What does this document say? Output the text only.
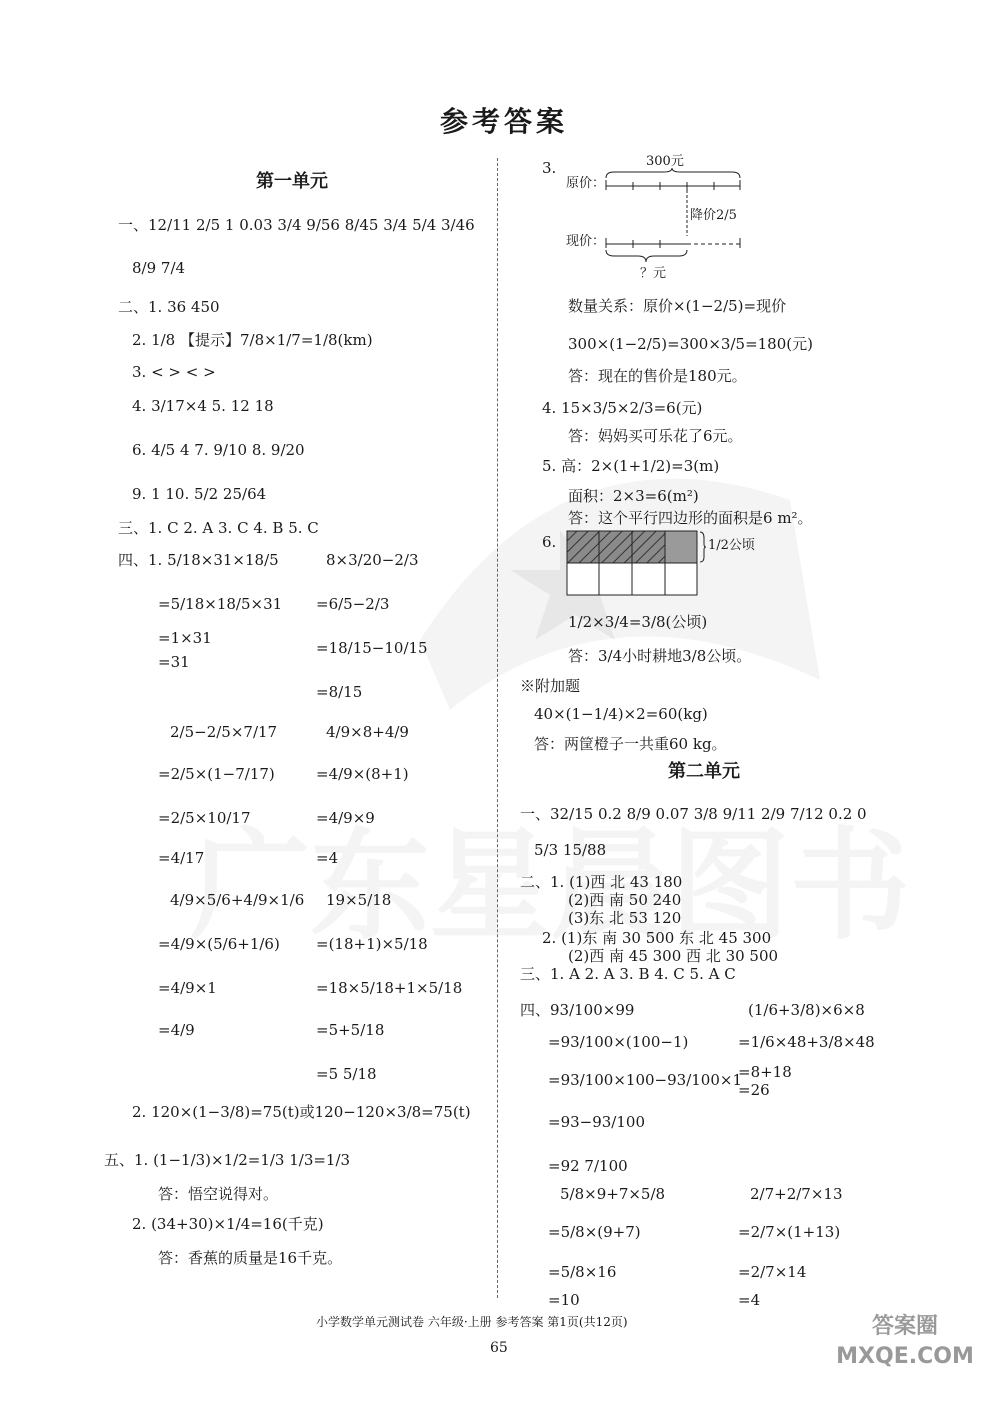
参考答案
第一单元
一、12/11 2/5 1 0.03 3/4 9/56 8/45 3/4 5/4 3/46
8/9 7/4
二、1. 36 450
2. 1/8 【提示】7/8×1/7=1/8(km)
3. < > < >
4. 3/17×4 5. 12 18
6. 4/5 4 7. 9/10 8. 9/20
9. 1 10. 5/2 25/64
三、1. C 2. A 3. C 4. B 5. C
四、1. 5/18×31×18/5
=5/18×18/5×31
=1×31
=31
2/5−2/5×7/17
=2/5×(1−7/17)
=2/5×10/17
=4/17
4/9×5/6+4/9×1/6
=4/9×(5/6+1/6)
=4/9×1
=4/9
2. 120×(1−3/8)=75(t)或120−120×3/8=75(t)
五、1. (1−1/3)×1/2=1/3 1/3=1/3
答：悟空说得对。
2. (34+30)×1/4=16(千克)
答：香蕉的质量是16千克。
8×3/20−2/3
=6/5−2/3
=18/15−10/15
=8/15
4/9×8+4/9
=4/9×(8+1)
=4/9×9
=4
19×5/18
=(18+1)×5/18
=18×5/18+1×5/18
=5+5/18
=5 5/18
3.	300元
原价：
现价：
降价2/5
？元
数量关系：原价×(1−2/5)=现价
300×(1−2/5)=300×3/5=180(元)
答：现在的售价是180元。
4. 15×3/5×2/3=6(元)
答：妈妈买可乐花了6元。
5. 高：2×(1+1/2)=3(m)
面积：2×3=6(m²)
答：这个平行四边形的面积是6 m²。
6.	1/2公顷
1/2×3/4=3/8(公顷)
答：3/4小时耕地3/8公顷。
※附加题
40×(1−1/4)×2=60(kg)
答：两筐橙子一共重60 kg。
第二单元
一、32/15 0.2 8/9 0.07 3/8 9/11 2/9 7/12 0.2 0
5/3 15/88
二、1. (1)西 北 43 180
(2)西 南 50 240
(3)东 北 53 120
2. (1)东 南 30 500 东 北 45 300
(2)西 南 45 300 西 北 30 500
三、1. A 2. A 3. B 4. C 5. A C
四、93/100×99
=93/100×(100−1)
=93/100×100−93/100×1
=93−93/100
=92 7/100
5/8×9+7×5/8
=5/8×(9+7)
=5/8×16
=10
(1/6+3/8)×6×8
=1/6×48+3/8×48
=8+18
=26
2/7+2/7×13
=2/7×(1+13)
=2/7×14
=4
小学数学单元测试卷 六年级·上册 参考答案 第1页(共12页)
65
答案圈 MXQE.COM
